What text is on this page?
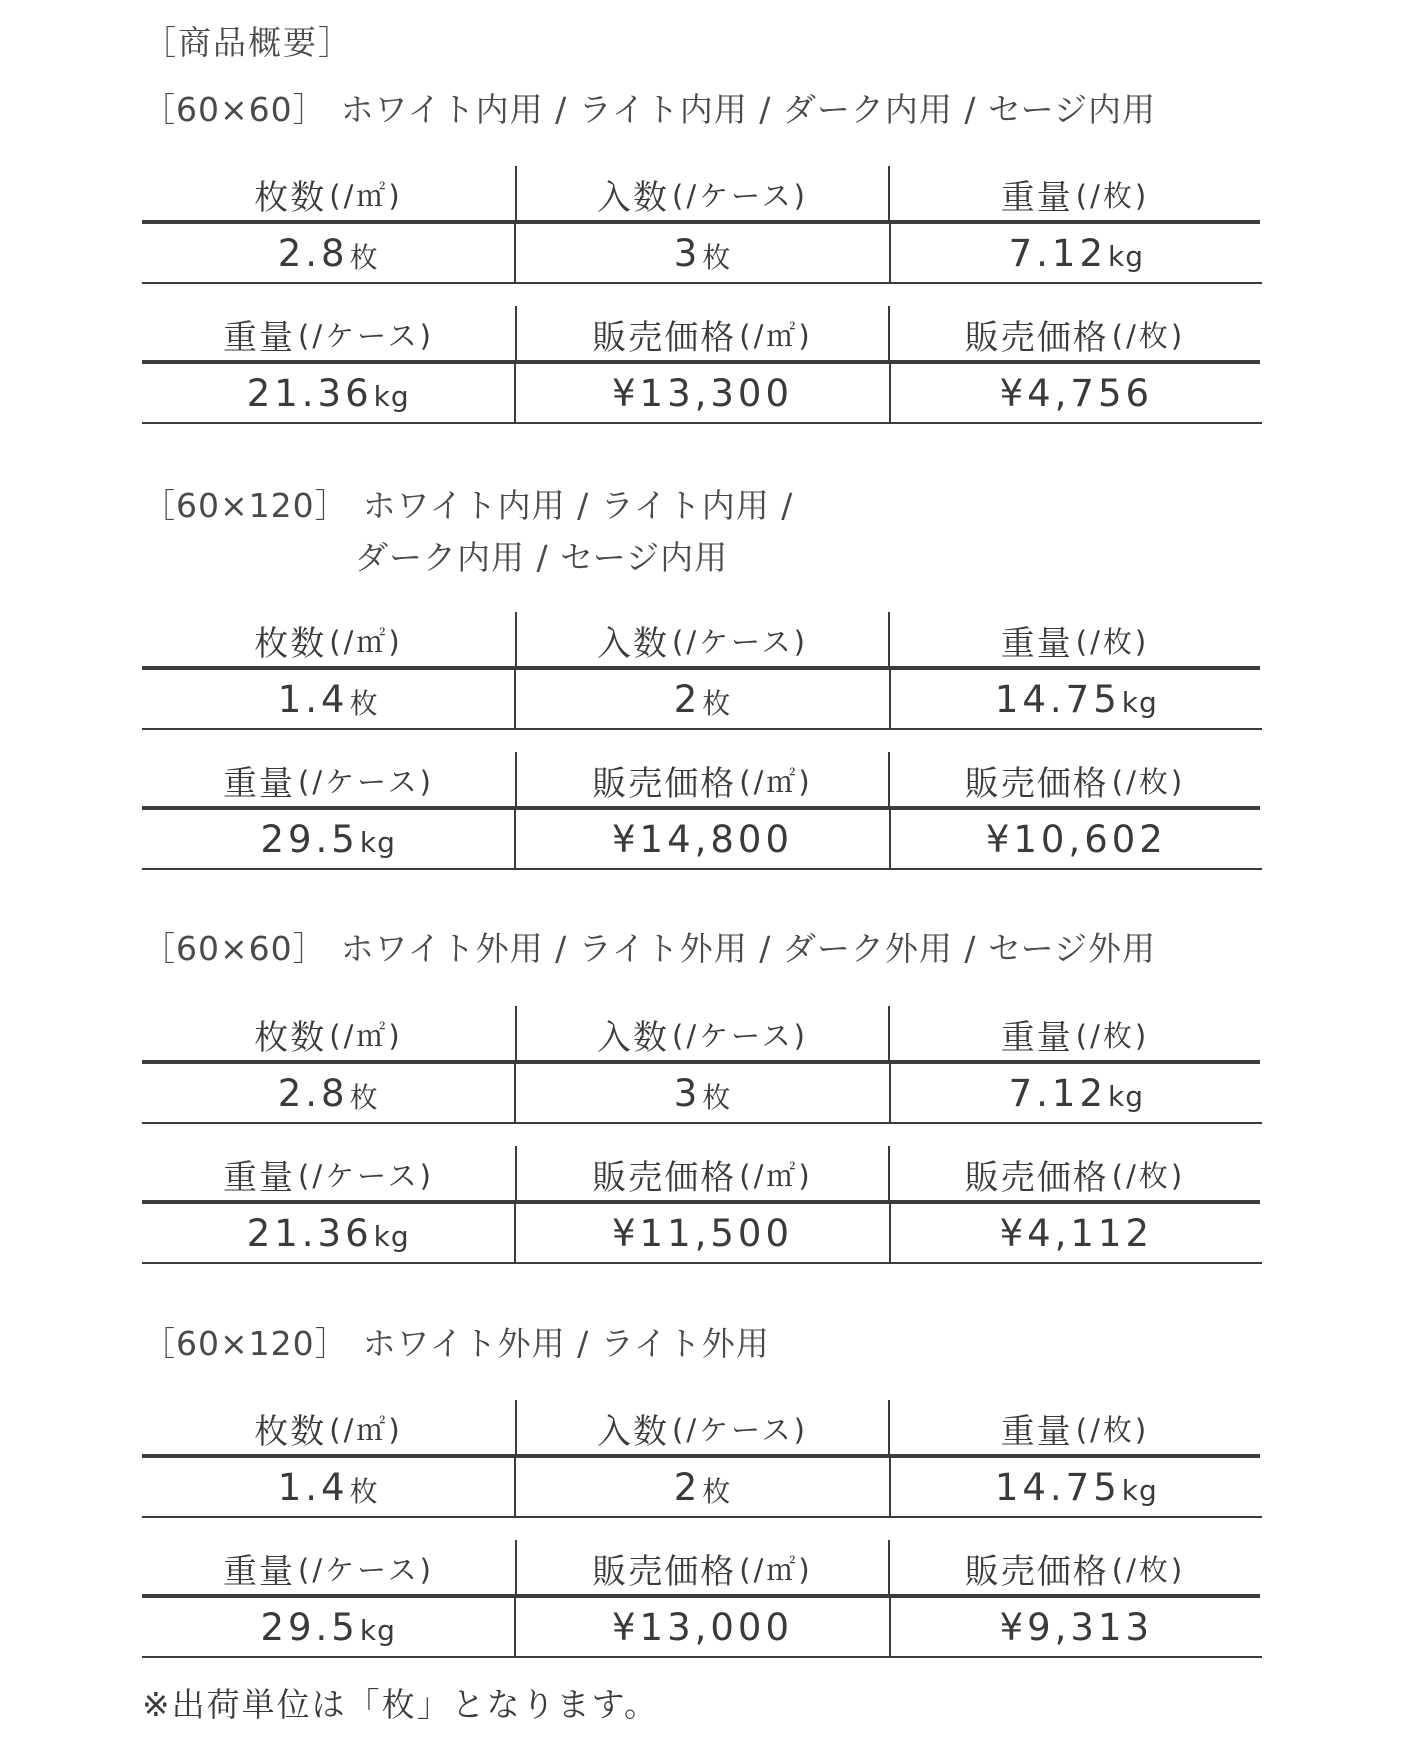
［商品概要］
［60×60］ ホワイト内用 / ライト内用 / ダーク内用 / セージ内用
枚数 (/㎡)	入数 (/ケース)	重量 (/枚)
2.8 枚	3 枚	7.12 kg
重量 (/ケース)	販売価格 (/㎡)	販売価格 (/枚)
21.36 kg	¥13,300	¥4,756
［60×120］ ホワイト内用 / ライト内用 /
ダーク内用 / セージ内用
枚数 (/㎡)	入数 (/ケース)	重量 (/枚)
1.4 枚	2 枚	14.75 kg
重量 (/ケース)	販売価格 (/㎡)	販売価格 (/枚)
29.5 kg	¥14,800	¥10,602
［60×60］ ホワイト外用 / ライト外用 / ダーク外用 / セージ外用
枚数 (/㎡)	入数 (/ケース)	重量 (/枚)
2.8 枚	3 枚	7.12 kg
重量 (/ケース)	販売価格 (/㎡)	販売価格 (/枚)
21.36 kg	¥11,500	¥4,112
［60×120］ ホワイト外用 / ライト外用
枚数 (/㎡)	入数 (/ケース)	重量 (/枚)
1.4 枚	2 枚	14.75 kg
重量 (/ケース)	販売価格 (/㎡)	販売価格 (/枚)
29.5 kg	¥13,000	¥9,313
※出荷単位は「枚」となります。
